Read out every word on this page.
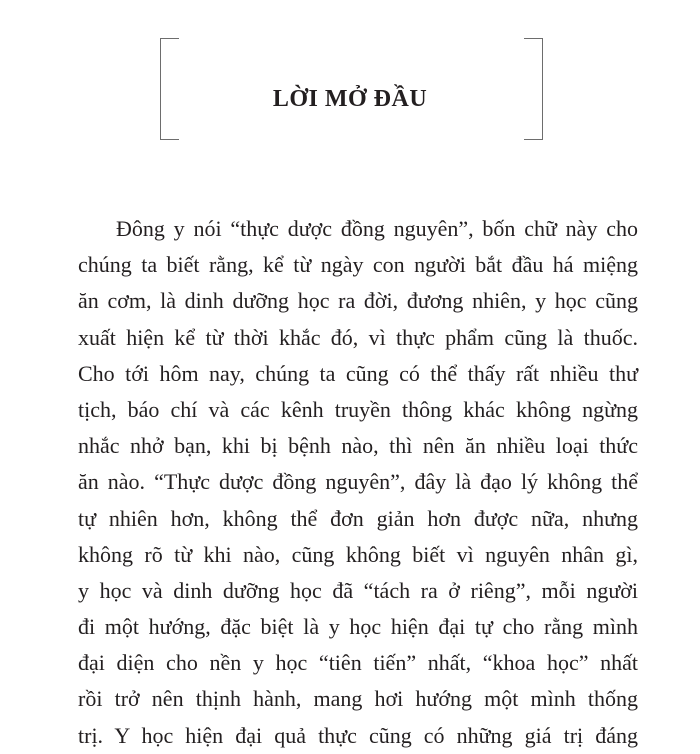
LỜI MỞ ĐẦU
Đông y nói “thực dược đồng nguyên”, bốn chữ này cho
chúng ta biết rằng, kể từ ngày con người bắt đầu há miệng
ăn cơm, là dinh dưỡng học ra đời, đương nhiên, y học cũng
xuất hiện kể từ thời khắc đó, vì thực phẩm cũng là thuốc.
Cho tới hôm nay, chúng ta cũng có thể thấy rất nhiều thư
tịch, báo chí và các kênh truyền thông khác không ngừng
nhắc nhở bạn, khi bị bệnh nào, thì nên ăn nhiều loại thức
ăn nào. “Thực dược đồng nguyên”, đây là đạo lý không thể
tự nhiên hơn, không thể đơn giản hơn được nữa, nhưng
không rõ từ khi nào, cũng không biết vì nguyên nhân gì,
y học và dinh dưỡng học đã “tách ra ở riêng”, mỗi người
đi một hướng, đặc biệt là y học hiện đại tự cho rằng mình
đại diện cho nền y học “tiên tiến” nhất, “khoa học” nhất
rồi trở nên thịnh hành, mang hơi hướng một mình thống
trị. Y học hiện đại quả thực cũng có những giá trị đáng
